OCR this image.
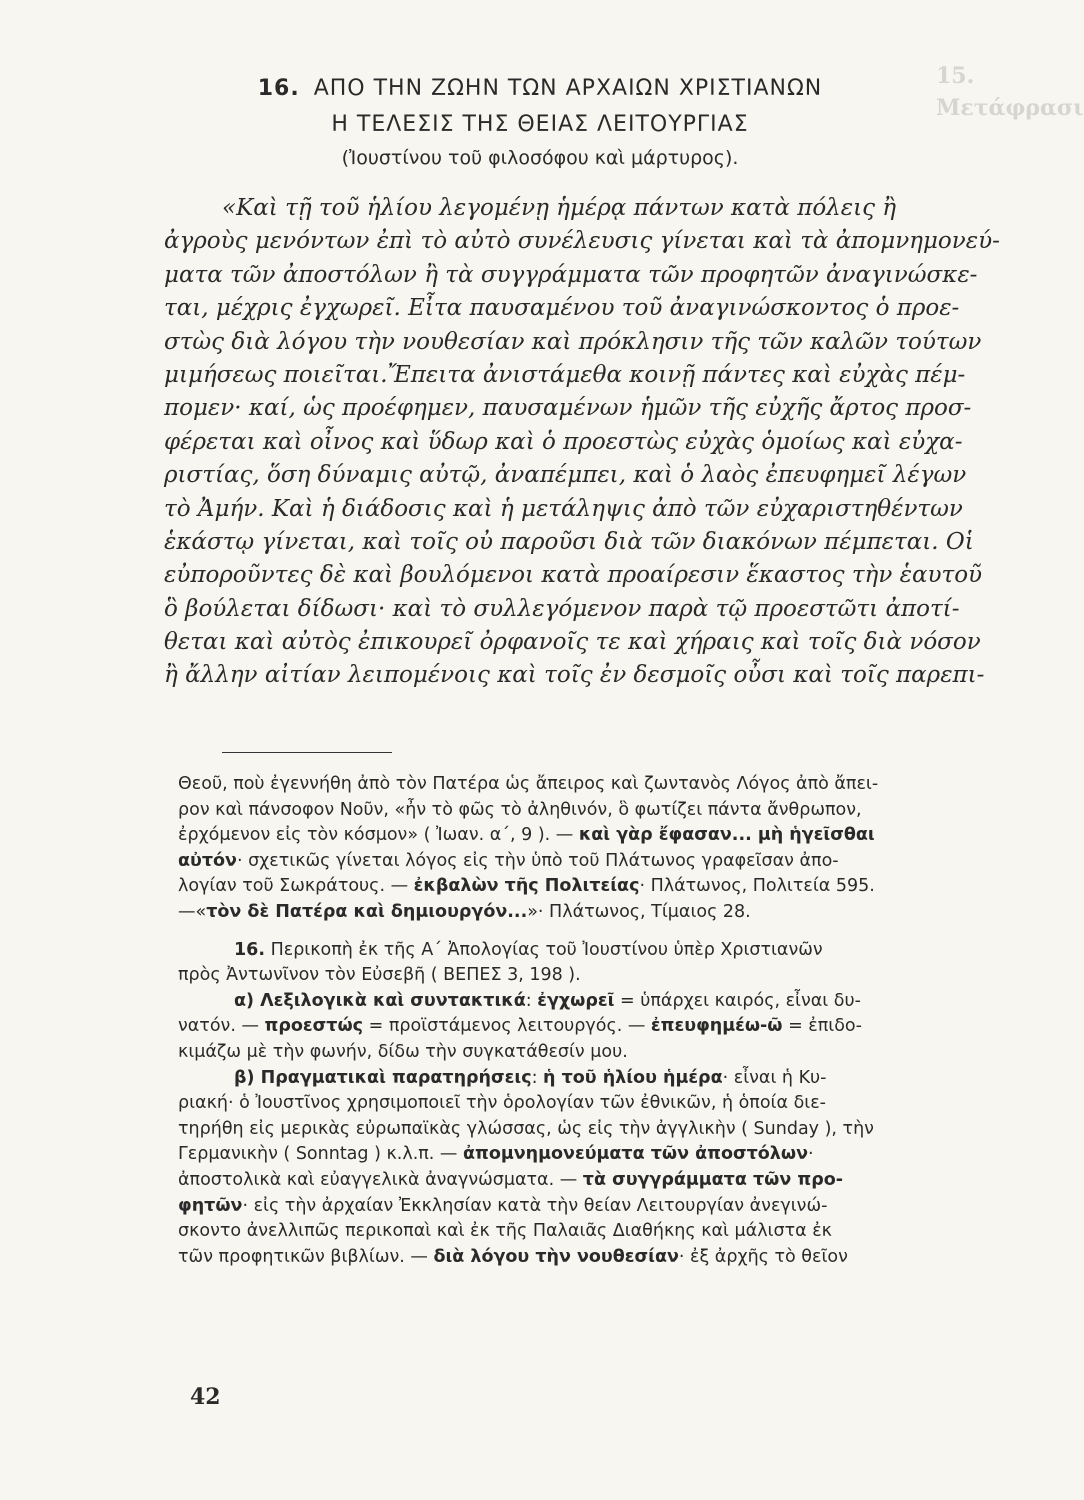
15. Μετάφρασι
16. ΑΠΟ ΤΗΝ ΖΩΗΝ ΤΩΝ ΑΡΧΑΙΩΝ ΧΡΙΣΤΙΑΝΩΝ
Η ΤΕΛΕΣΙΣ ΤΗΣ ΘΕΙΑΣ ΛΕΙΤΟΥΡΓΙΑΣ
(Ἰουστίνου τοῦ φιλοσόφου καὶ μάρτυρος).
«Καὶ τῇ τοῦ ἡλίου λεγομένῃ ἡμέρᾳ πάντων κατὰ πόλεις ἢ
ἀγροὺς μενόντων ἐπὶ τὸ αὐτὸ συνέλευσις γίνεται καὶ τὰ ἀπομνημονεύ-
ματα τῶν ἀποστόλων ἢ τὰ συγγράμματα τῶν προφητῶν ἀναγινώσκε-
ται, μέχρις ἐγχωρεῖ. Εἶτα παυσαμένου τοῦ ἀναγινώσκοντος ὁ προε-
στὼς διὰ λόγου τὴν νουθεσίαν καὶ πρόκλησιν τῆς τῶν καλῶν τούτων
μιμήσεως ποιεῖται.Ἔπειτα ἀνιστάμεθα κοινῇ πάντες καὶ εὐχὰς πέμ-
πομεν· καί, ὡς προέφημεν, παυσαμένων ἡμῶν τῆς εὐχῆς ἄρτος προσ-
φέρεται καὶ οἶνος καὶ ὕδωρ καὶ ὁ προεστὼς εὐχὰς ὁμοίως καὶ εὐχα-
ριστίας, ὅση δύναμις αὐτῷ, ἀναπέμπει, καὶ ὁ λαὸς ἐπευφημεῖ λέγων
τὸ Ἀμήν. Καὶ ἡ διάδοσις καὶ ἡ μετάληψις ἀπὸ τῶν εὐχαριστηθέντων
ἑκάστῳ γίνεται, καὶ τοῖς οὐ παροῦσι διὰ τῶν διακόνων πέμπεται. Οἱ
εὐποροῦντες δὲ καὶ βουλόμενοι κατὰ προαίρεσιν ἕκαστος τὴν ἑαυτοῦ
ὃ βούλεται δίδωσι· καὶ τὸ συλλεγόμενον παρὰ τῷ προεστῶτι ἀποτί-
θεται καὶ αὐτὸς ἐπικουρεῖ ὀρφανοῖς τε καὶ χήραις καὶ τοῖς διὰ νόσον
ἢ ἄλλην αἰτίαν λειπομένοις καὶ τοῖς ἐν δεσμοῖς οὖσι καὶ τοῖς παρεπι-
Θεοῦ, ποὺ ἐγεννήθη ἀπὸ τὸν Πατέρα ὡς ἄπειρος καὶ ζωντανὸς Λόγος ἀπὸ ἄπει-
ρον καὶ πάνσοφον Νοῦν, «ἦν τὸ φῶς τὸ ἀληθινόν, ὃ φωτίζει πάντα ἄνθρωπον,
ἐρχόμενον εἰς τὸν κόσμον» ( Ἰωαν. α΄, 9 ). — καὶ γὰρ ἔφασαν... μὴ ἡγεῖσθαι
αὐτόν· σχετικῶς γίνεται λόγος εἰς τὴν ὑπὸ τοῦ Πλάτωνος γραφεῖσαν ἀπο-
λογίαν τοῦ Σωκράτους. — ἐκβαλὼν τῆς Πολιτείας· Πλάτωνος, Πολιτεία 595.
—«τὸν δὲ Πατέρα καὶ δημιουργόν...»· Πλάτωνος, Τίμαιος 28.
16. Περικοπὴ ἐκ τῆς Α΄ Ἀπολογίας τοῦ Ἰουστίνου ὑπὲρ Χριστιανῶν
πρὸς Ἀντωνῖνον τὸν Εὐσεβῆ ( ΒΕΠΕΣ 3, 198 ).
α) Λεξιλογικὰ καὶ συντακτικά: ἐγχωρεῖ = ὑπάρχει καιρός, εἶναι δυ-
νατόν. — προεστώς = προϊστάμενος λειτουργός. — ἐπευφημέω-ῶ = ἐπιδο-
κιμάζω μὲ τὴν φωνήν, δίδω τὴν συγκατάθεσίν μου.
β) Πραγματικαὶ παρατηρήσεις: ἡ τοῦ ἡλίου ἡμέρα· εἶναι ἡ Κυ-
ριακή· ὁ Ἰουστῖνος χρησιμοποιεῖ τὴν ὁρολογίαν τῶν ἐθνικῶν, ἡ ὁποία διε-
τηρήθη εἰς μερικὰς εὐρωπαϊκὰς γλώσσας, ὡς εἰς τὴν ἀγγλικὴν ( Sunday ), τὴν
Γερμανικὴν ( Sonntag ) κ.λ.π. — ἀπομνημονεύματα τῶν ἀποστόλων·
ἀποστολικὰ καὶ εὐαγγελικὰ ἀναγνώσματα. — τὰ συγγράμματα τῶν προ-
φητῶν· εἰς τὴν ἀρχαίαν Ἐκκλησίαν κατὰ τὴν θείαν Λειτουργίαν ἀνεγινώ-
σκοντο ἀνελλιπῶς περικοπαὶ καὶ ἐκ τῆς Παλαιᾶς Διαθήκης καὶ μάλιστα ἐκ
τῶν προφητικῶν βιβλίων. — διὰ λόγου τὴν νουθεσίαν· ἐξ ἀρχῆς τὸ θεῖον
42
